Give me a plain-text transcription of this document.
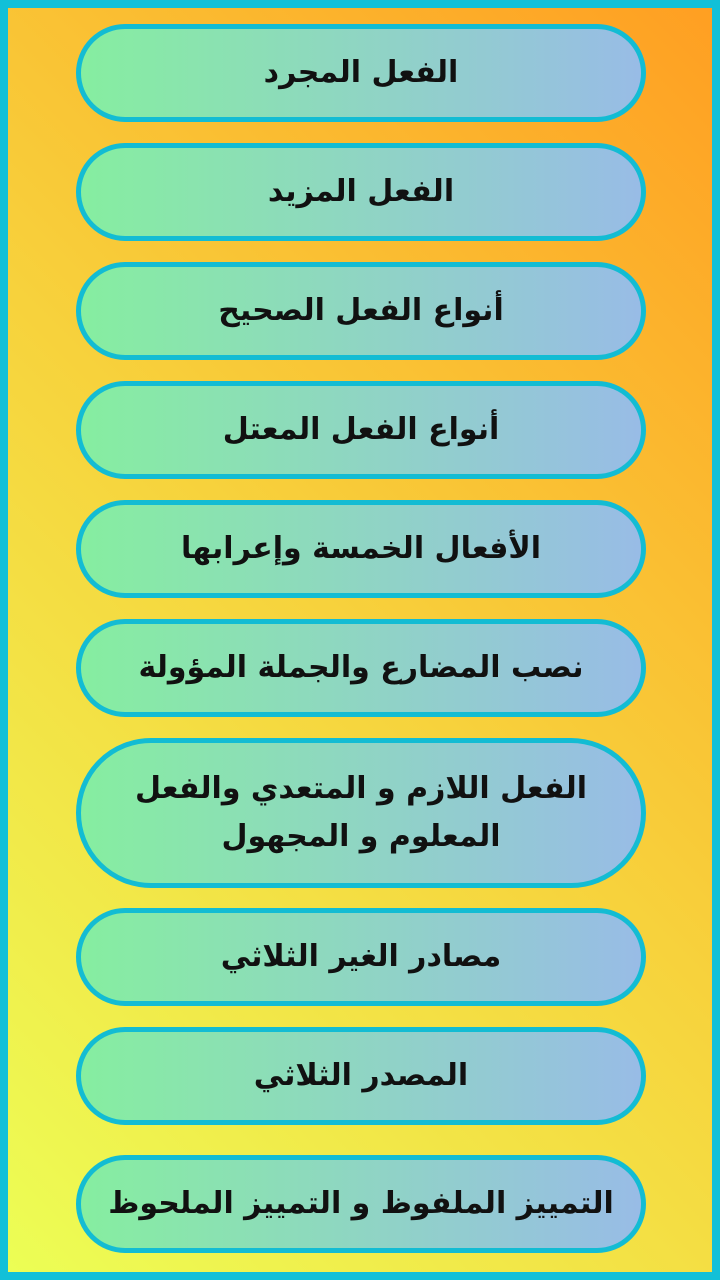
الفعل المجرد
الفعل المزيد
أنواع الفعل الصحيح
أنواع الفعل المعتل
الأفعال الخمسة وإعرابها
نصب المضارع والجملة المؤولة
الفعل اللازم و المتعدي والفعل المعلوم و المجهول
مصادر الغير الثلاثي
المصدر الثلاثي
التمييز الملفوظ و التمييز الملحوظ
